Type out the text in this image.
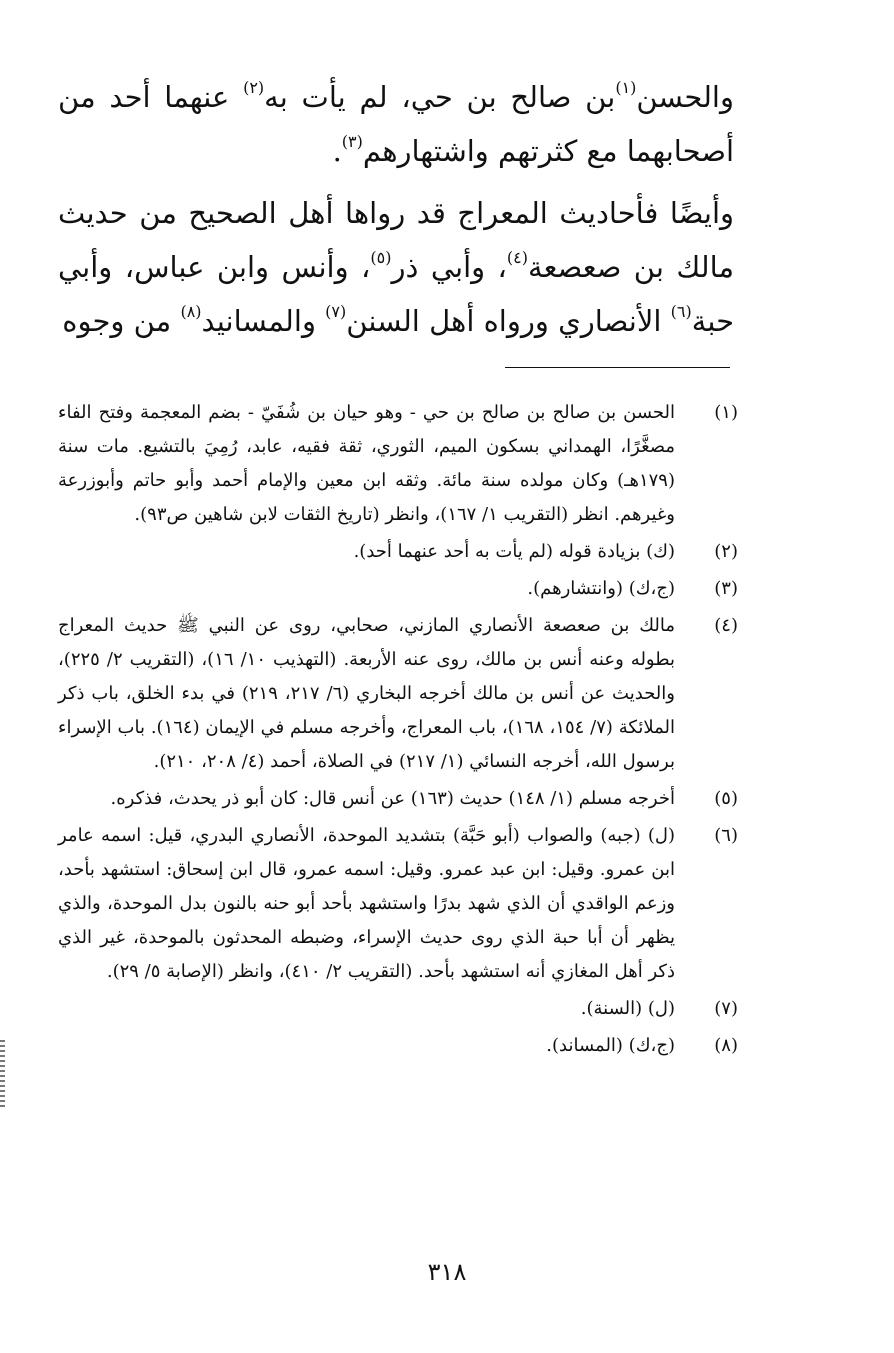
والحسن$^{(١)}$بن صالح بن حي، لم يأت به$^{(٢)}$ عنهما أحد من أصحابهما مع كثرتهم واشتهارهم$^{(٣)}$.

وأيضًا فأحاديث المعراج قد رواها أهل الصحيح من حديث مالك بن صعصعة$^{(٤)}$، وأبي ذر$^{(٥)}$، وأنس وابن عباس، وأبي حبة$^{(٦)}$ الأنصاري ورواه أهل السنن$^{(٧)}$ والمسانيد$^{(٨)}$ من وجوه

(١)
الحسن بن صالح بن صالح بن حي - وهو حيان بن شُفَيّ - بضم المعجمة وفتح الفاء مصغَّرًا، الهمداني بسكون الميم، الثوري، ثقة فقيه، عابد، رُمِيَ بالتشيع. مات سنة (١٧٩هـ) وكان مولده سنة مائة. وثقه ابن معين والإمام أحمد وأبو حاتم وأبوزرعة وغيرهم. انظر (التقريب ١/ ١٦٧)، وانظر (تاريخ الثقات لابن شاهين ص٩٣).
(٢)
(ك) بزيادة قوله (لم يأت به أحد عنهما أحد).
(٣)
(ج،ك) (وانتشارهم).
(٤)
مالك بن صعصعة الأنصاري المازني، صحابي، روى عن النبي ﷺ حديث المعراج بطوله وعنه أنس بن مالك، روى عنه الأربعة. (التهذيب ١٠/ ١٦)، (التقريب ٢/ ٢٢٥)، والحديث عن أنس بن مالك أخرجه البخاري (٦/ ٢١٧، ٢١٩) في بدء الخلق، باب ذكر الملائكة (٧/ ١٥٤، ١٦٨)، باب المعراج، وأخرجه مسلم في الإيمان (١٦٤). باب الإسراء برسول الله، أخرجه النسائي (١/ ٢١٧) في الصلاة، أحمد (٤/ ٢٠٨، ٢١٠).
(٥)
أخرجه مسلم (١/ ١٤٨) حديث (١٦٣) عن أنس قال: كان أبو ذر يحدث، فذكره.
(٦)
(ل) (جبه) والصواب (أبو حَبَّة) بتشديد الموحدة، الأنصاري البدري، قيل: اسمه عامر ابن عمرو. وقيل: ابن عبد عمرو. وقيل: اسمه عمرو، قال ابن إسحاق: استشهد بأحد، وزعم الواقدي أن الذي شهد بدرًا واستشهد بأحد أبو حنه بالنون بدل الموحدة، والذي يظهر أن أبا حبة الذي روى حديث الإسراء، وضبطه المحدثون بالموحدة، غير الذي ذكر أهل المغازي أنه استشهد بأحد. (التقريب ٢/ ٤١٠)، وانظر (الإصابة ٥/ ٢٩).
(٧)
(ل) (السنة).
(٨)
(ج،ك) (المساند).
٣١٨
